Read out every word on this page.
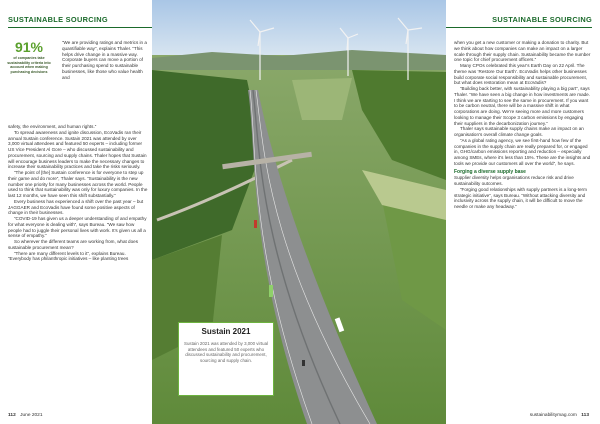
SUSTAINABLE SOURCING
91%
of companies take sustainability criteria into account when making purchasing decisions

“We are providing ratings and metrics in a quantifiable way”, explains Thaler. “This helps drive change in a massive way. Corporate buyers can move a portion of their purchasing spend to sustainable businesses, like those who value health and

safety, the environment, and human rights.”

To spread awareness and ignite discussion, EcoVadis ran their annual Sustain conference. Sustain 2021 was attended by over 3,000 virtual attendees and featured 50 experts – including former US Vice President Al Gore – who discussed sustainability and procurement, sourcing and supply chains. Thaler hopes that Sustain will encourage business leaders to make the necessary changes to increase their sustainability practices and take the risks seriously.

“The point of [the] Sustain conference is for everyone to step up their game and do more”, Thaler says. “Sustainability is the new number one priority for many businesses across the world. People used to think that sustainability was only for luxury companies. In the last 12 months, we have seen this shift substantially.”

Every business has experienced a shift over the past year – but JAGGAER and EcoVadis have found some positive aspects of change in their businesses.

“COVID-19 has given us a deeper understanding of and empathy for what everyone is dealing with”, says Bureau. “We saw how people had to juggle their personal lives with work. It’s given us all a sense of empathy.”

So wherever the different teams are working from, what does sustainable procurement mean?

“There are many different levels to it”, explains Bureau. “Everybody has philanthropic initiatives – like planting trees

112 June 2021
Sustain 2021
Sustain 2021 was attended by 3,000 virtual attendees and featured 50 experts who discussed sustainability and procurement, sourcing and supply chain.
SUSTAINABLE SOURCING

when you get a new customer or making a donation to charity. But we think about how companies can make an impact on a larger scale through their supply chain. Sustainability became the number one topic for chief procurement officers.”

Many CPOs celebrated this year’s Earth Day on 22 April. The theme was ‘Restore Our Earth’. EcoVadis helps other businesses build corporate social responsibility and sustainable procurement, but what does restoration mean at EcoVadis?

“Building back better, with sustainability playing a big part”, says Thaler. “We have seen a big change in how investments are made. I think we are starting to see the same in procurement. If you want to be carbon neutral, there will be a massive shift in what corporations are doing. We’re seeing more and more customers looking to manage their Scope 3 carbon emissions by engaging their suppliers in the decarbonization journey.”

Thaler says sustainable supply chains make an impact on an organisation’s overall climate change goals.

“As a global rating agency, we see first-hand how few of the companies in the supply chain are really prepared for, or engaged in, GHG/carbon emissions reporting and reduction – especially among SMEs, where it’s less than 15%. These are the insights and tools we provide our customers all over the world”, he says.

Forging a diverse supply base

Supplier diversity helps organisations reduce risk and drive sustainability outcomes.

“Forging good relationships with supply partners is a long-term strategic initiative”, says Bureau. “Without attacking diversity and inclusivity across the supply chain, it will be difficult to move the needle or make any headway.”

sustainabilitymag.com 113
